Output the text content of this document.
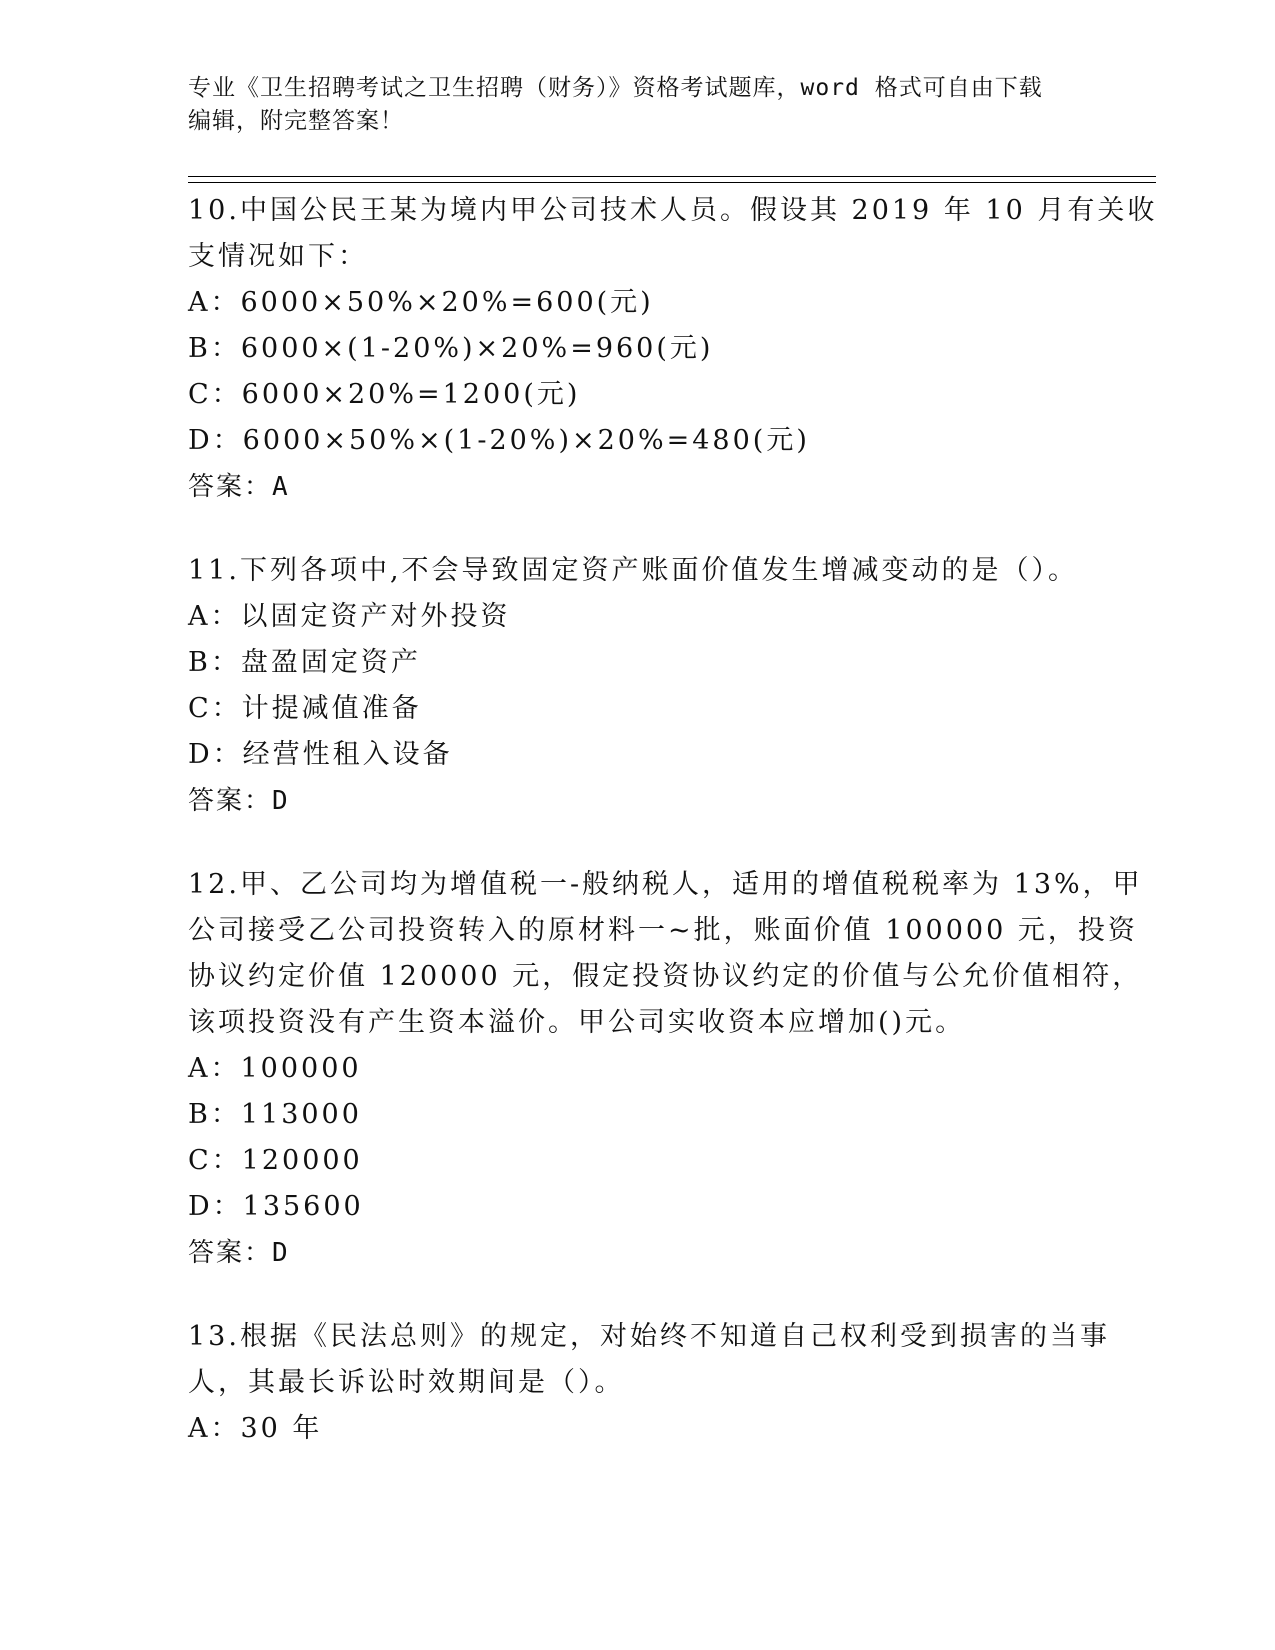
专业《卫生招聘考试之卫生招聘（财务）》资格考试题库，word 格式可自由下载
编辑，附完整答案！
10.中国公民王某为境内甲公司技术人员。假设其 2019 年 10 月有关收
支情况如下：
A：6000×50%×20%=600(元)
B：6000×(1-20%)×20%=960(元)
C：6000×20%=1200(元)
D：6000×50%×(1-20%)×20%=480(元)
答案：A
11.下列各项中,不会导致固定资产账面价值发生增减变动的是（）。
A：以固定资产对外投资
B：盘盈固定资产
C：计提减值准备
D：经营性租入设备
答案：D
12.甲、乙公司均为增值税一-般纳税人，适用的增值税税率为 13%，甲
公司接受乙公司投资转入的原材料一~批，账面价值 100000 元，投资
协议约定价值 120000 元，假定投资协议约定的价值与公允价值相符，
该项投资没有产生资本溢价。甲公司实收资本应增加()元。
A：100000
B：113000
C：120000
D：135600
答案：D
13.根据《民法总则》的规定，对始终不知道自己权利受到损害的当事
人，其最长诉讼时效期间是（）。
A：30 年
